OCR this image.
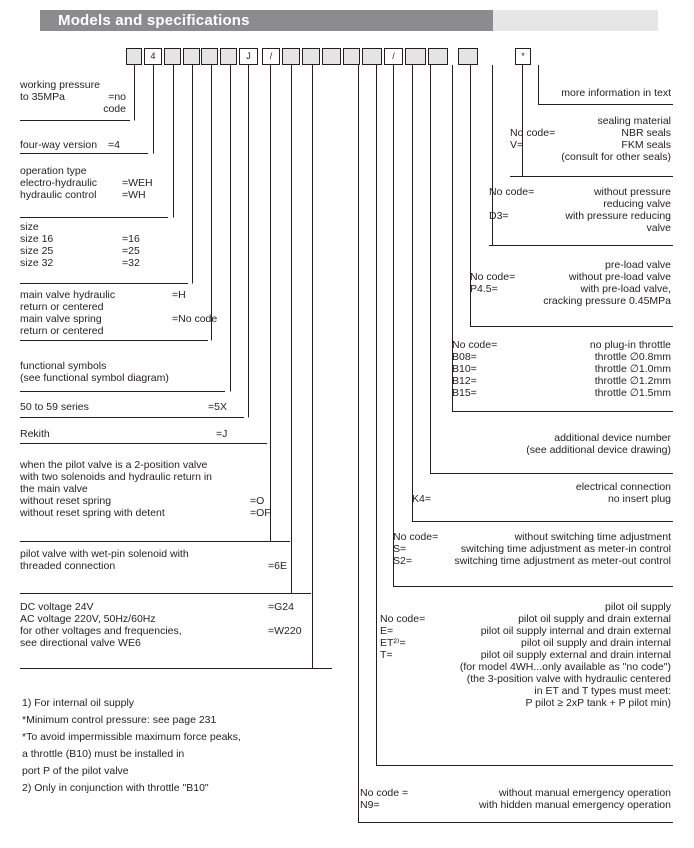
Models and specifications
4	J	/	/	*
working pressure
to 35MPa	=no
code
four-way version =4
operation type
electro-hydraulic =WEH
hydraulic control =WH
size
size 16	=16
size 25	=25
size 32	=32
main valve hydraulic	=H
return or centered
main valve spring	=No code
return or centered
functional symbols
(see functional symbol diagram)
50 to 59 series	=5X
Rekith	=J
when the pilot valve is a 2-position valve
with two solenoids and hydraulic return in
the main valve
without reset spring	=O
without reset spring with detent	=OF
pilot valve with wet-pin solenoid with
threaded connection	=6E
DC voltage 24V	=G24
AC voltage 220V, 50Hz/60Hz
for other voltages and frequencies,	=W220
see directional valve WE6
more information in text
sealing material
No code=	NBR seals
V=	FKM seals
(consult for other seals)
No code=	without pressure
reducing valve
D3=	with pressure reducing
valve
pre-load valve
No code=	without pre-load valve
P4.5=	with pre-load valve,
cracking pressure 0.45MPa
No code=	no plug-in throttle
B08=	throttle ∅0.8mm
B10=	throttle ∅1.0mm
B12=	throttle ∅1.2mm
B15=	throttle ∅1.5mm
additional device number
(see additional device drawing)
electrical connection
K4=	no insert plug
No code=	without switching time adjustment
S=	switching time adjustment as meter-in control
S2=	switching time adjustment as meter-out control
pilot oil supply
No code=	pilot oil supply and drain external
E=	pilot oil supply internal and drain external
ET²⁾=	pilot oil supply and drain internal
T=	pilot oil supply external and drain internal
(for model 4WH...only available as "no code")
(the 3-position valve with hydraulic centered
in ET and T types must meet:
P pilot ≥ 2xP tank + P pilot min)
No code =	without manual emergency operation
N9=	with hidden manual emergency operation
1) For internal oil supply
*Minimum control pressure: see page 231
*To avoid impermissible maximum force peaks,
a throttle (B10) must be installed in
port P of the pilot valve
2) Only in conjunction with throttle "B10"
